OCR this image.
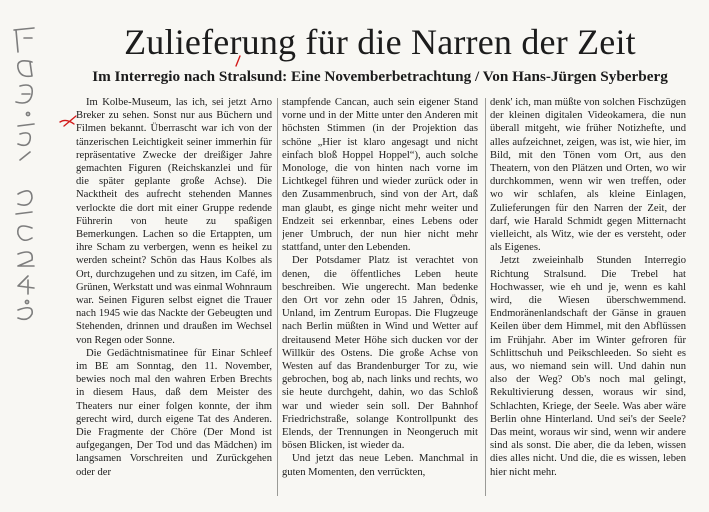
Zulieferung für die Narren der Zeit
Im Interregio nach Stralsund: Eine Novemberbetrachtung / Von Hans-Jürgen Syberberg

Im Kolbe-Museum, las ich, sei jetzt Arno Breker zu sehen. Sonst nur aus Büchern und Filmen bekannt. Überrascht war ich von der tänzerischen Leichtigkeit seiner immerhin für repräsentative Zwecke der dreißiger Jahre gemachten Figuren (Reichskanzlei und für die später geplante große Achse). Die Nacktheit des aufrecht stehenden Mannes verlockte die dort mit einer Gruppe redende Führerin von heute zu spaßigen Bemerkungen. Lachen so die Ertappten, um ihre Scham zu verbergen, wenn es heikel zu werden scheint? Schön das Haus Kolbes als Ort, durchzugehen und zu sitzen, im Café, im Grünen, Werkstatt und was einmal Wohnraum war. Seinen Figuren selbst eignet die Trauer nach 1945 wie das Nackte der Gebeugten und Stehenden, drinnen und draußen im Wechsel von Regen oder Sonne.

Die Gedächtnismatinee für Einar Schleef im BE am Sonntag, den 11. November, bewies noch mal den wahren Erben Brechts in diesem Haus, daß dem Meister des Theaters nur einer folgen konnte, der ihm gerecht wird, durch eigene Tat des Anderen. Die Fragmente der Chöre (Der Mond ist aufgegangen, Der Tod und das Mädchen) im langsamen Vorschreiten und Zurückgehen oder der

stampfende Cancan, auch sein eigener Stand vorne und in der Mitte unter den Anderen mit höchsten Stimmen (in der Projektion das schöne „Hier ist klaro angesagt und nicht einfach bloß Hoppel Hoppel“), auch solche Monologe, die von hinten nach vorne im Lichtkegel führen und wieder zurück oder in den Zusammenbruch, sind von der Art, daß man glaubt, es ginge nicht mehr weiter und Endzeit sei erkennbar, eines Lebens oder jener Umbruch, der nun hier nicht mehr stattfand, unter den Lebenden.

Der Potsdamer Platz ist verachtet von denen, die öffentliches Leben heute beschreiben. Wie ungerecht. Man bedenke den Ort vor zehn oder 15 Jahren, Ödnis, Unland, im Zentrum Europas. Die Flugzeuge nach Berlin müßten in Wind und Wetter auf dreitausend Meter Höhe sich ducken vor der Willkür des Ostens. Die große Achse von Westen auf das Brandenburger Tor zu, wie gebrochen, bog ab, nach links und rechts, wo sie heute durchgeht, dahin, wo das Schloß war und wieder sein soll. Der Bahnhof Friedrichstraße, solange Kontrollpunkt des Elends, der Trennungen in Neongeruch mit bösen Blicken, ist wieder da.

Und jetzt das neue Leben. Manchmal in guten Momenten, den verrückten,

denk' ich, man müßte von solchen Fischzügen der kleinen digitalen Videokamera, die nun überall mitgeht, wie früher Notizhefte, und alles aufzeichnet, zeigen, was ist, wie hier, im Bild, mit den Tönen vom Ort, aus den Theatern, von den Plätzen und Orten, wo wir durchkommen, wenn wir wen treffen, oder wo wir schlafen, als kleine Einlagen, Zulieferungen für den Narren der Zeit, der darf, wie Harald Schmidt gegen Mitternacht vielleicht, als Witz, wie der es versteht, oder als Eigenes.

Jetzt zweieinhalb Stunden Interregio Richtung Stralsund. Die Trebel hat Hochwasser, wie eh und je, wenn es kahl wird, die Wiesen überschwemmend. Endmoränenlandschaft der Gänse in grauen Keilen über dem Himmel, mit den Abflüssen im Frühjahr. Aber im Winter gefroren für Schlittschuh und Peikschleeden. So sieht es aus, wo niemand sein will. Und dahin nun also der Weg? Ob's noch mal gelingt, Rekultivierung dessen, woraus wir sind, Schlachten, Kriege, der Seele. Was aber wäre Berlin ohne Hinterland. Und sei's der Seele? Das meint, woraus wir sind, wenn wir andere sind als sonst. Die aber, die da leben, wissen dies alles nicht. Und die, die es wissen, leben hier nicht mehr.
